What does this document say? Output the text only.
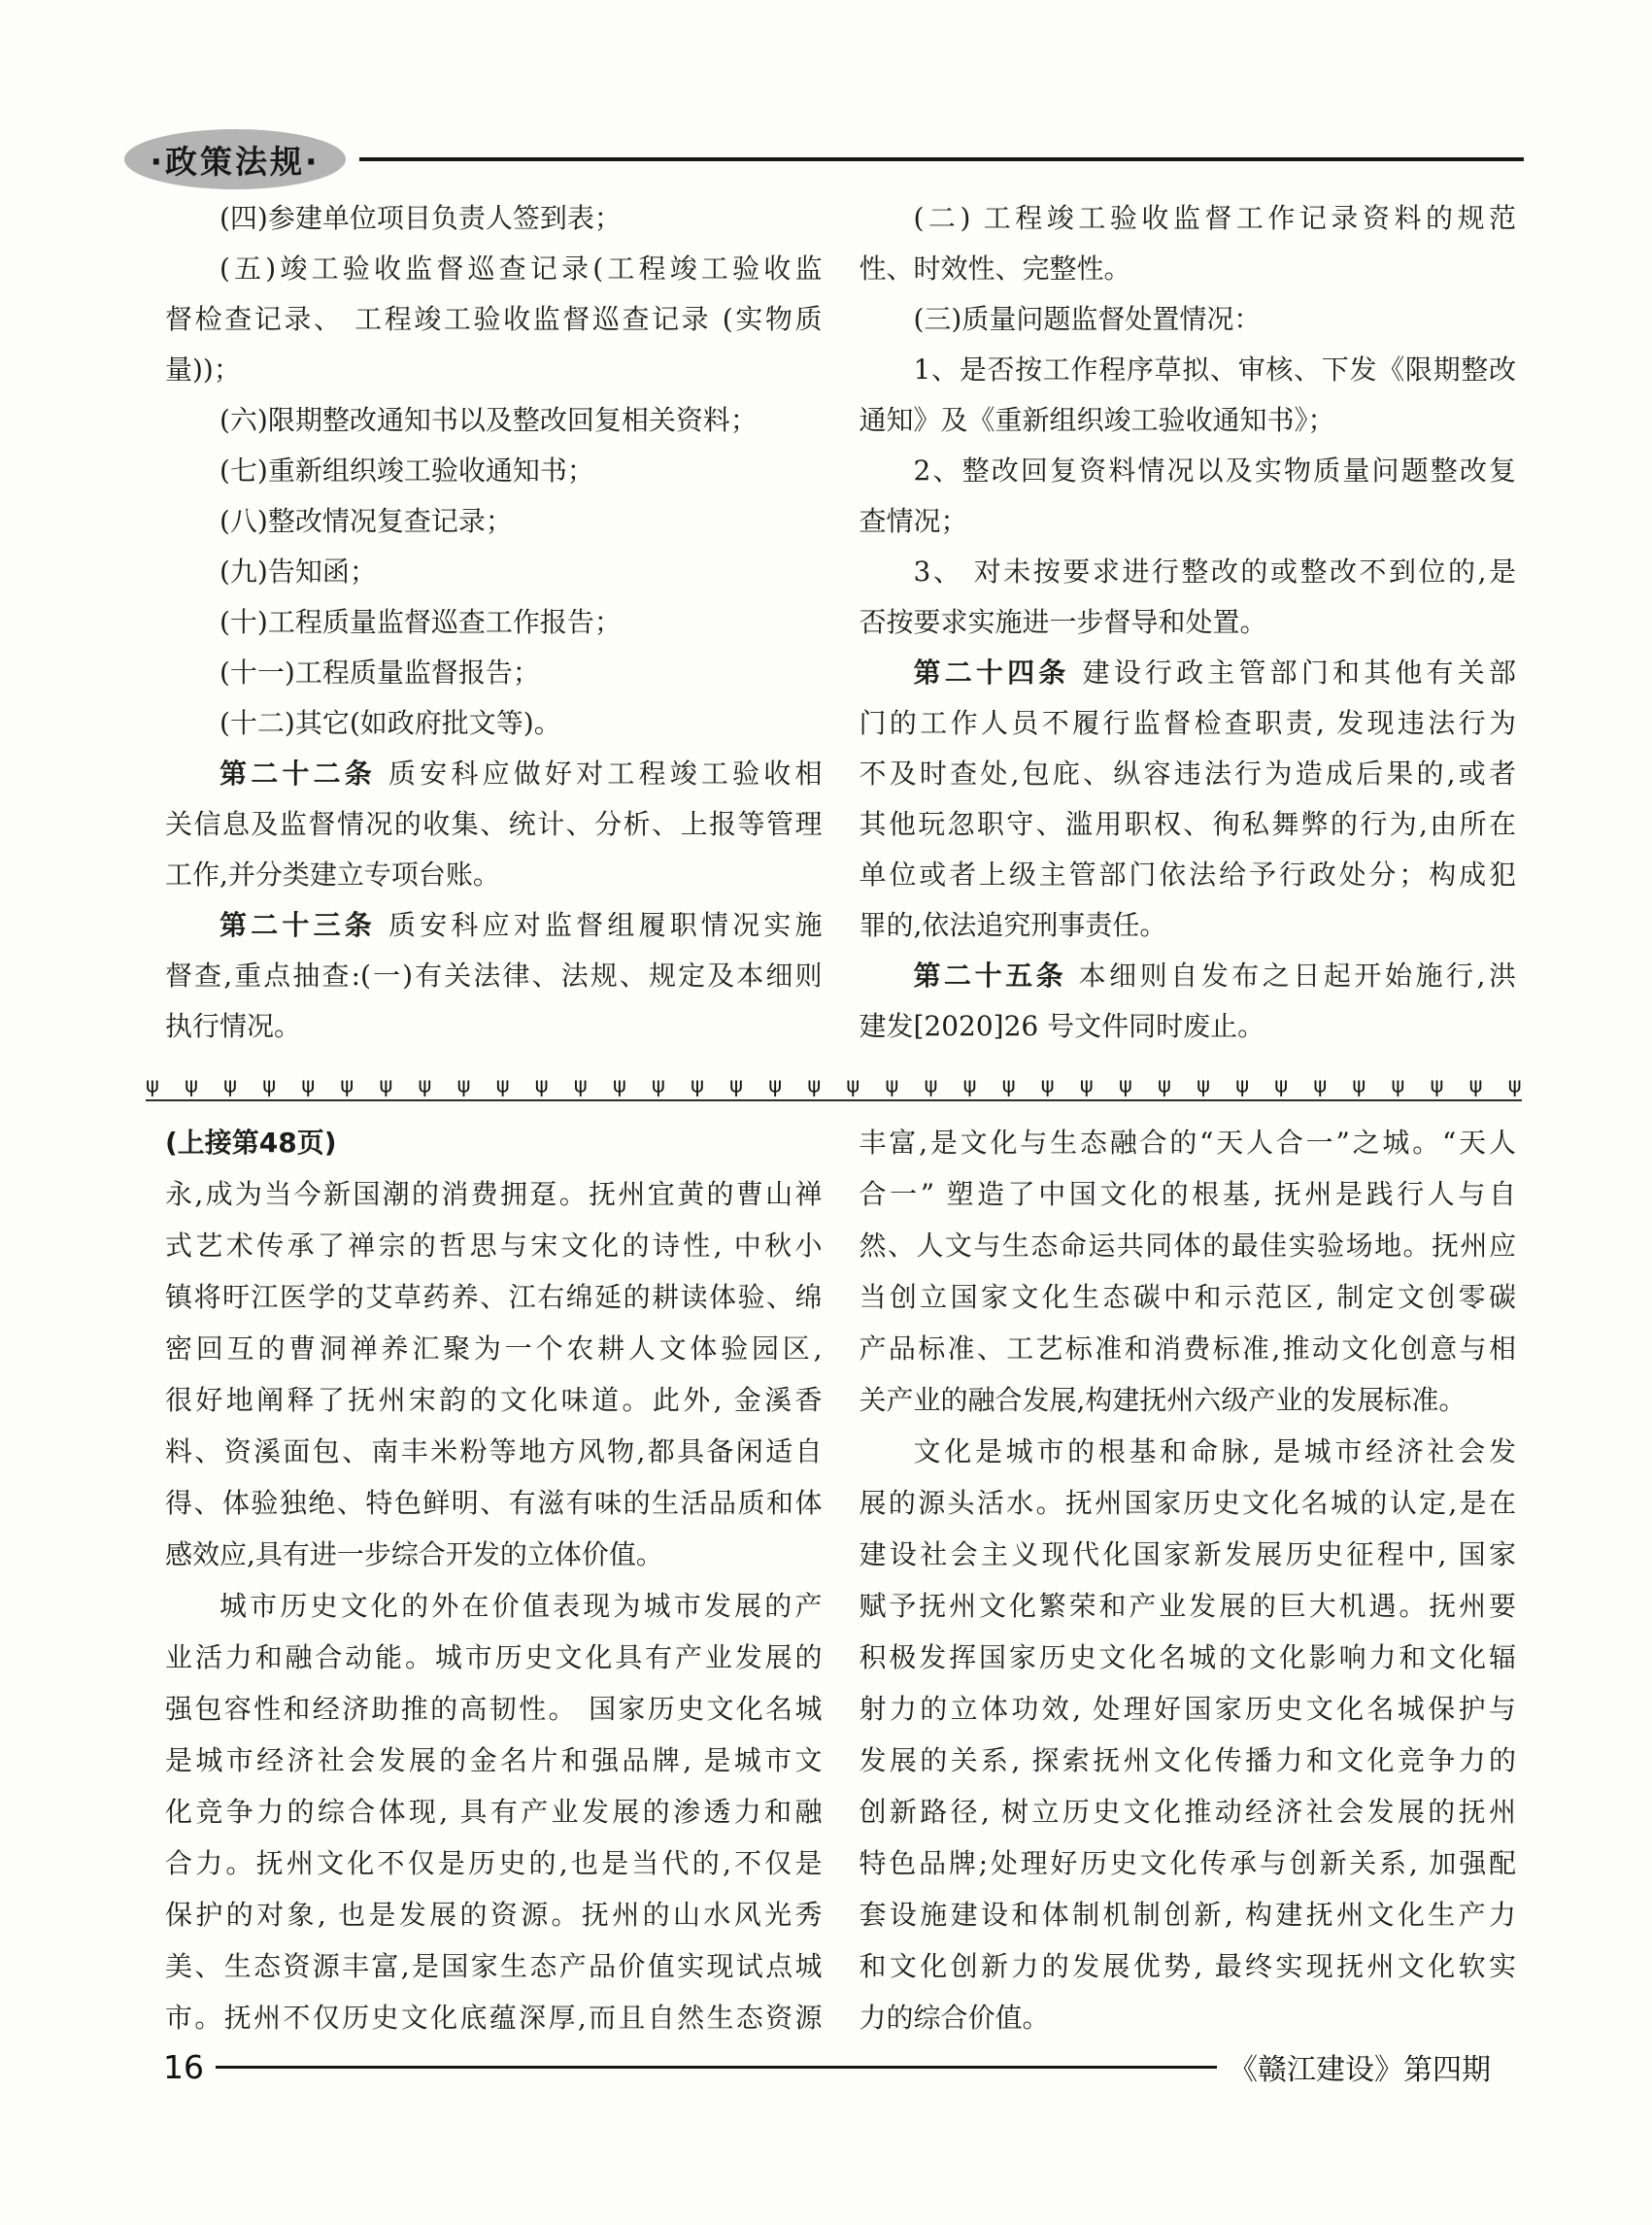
·政策法规·
(四)参建单位项目负责人签到表；
(五)竣工验收监督巡查记录(工程竣工验收监
督检查记录、 工程竣工验收监督巡查记录 (实物质
量))；
(六)限期整改通知书以及整改回复相关资料；
(七)重新组织竣工验收通知书；
(八)整改情况复查记录；
(九)告知函；
(十)工程质量监督巡查工作报告；
(十一)工程质量监督报告；
(十二)其它(如政府批文等)。
第二十二条 质安科应做好对工程竣工验收相
关信息及监督情况的收集、统计、分析、上报等管理
工作,并分类建立专项台账。
第二十三条 质安科应对监督组履职情况实施
督查,重点抽查:(一)有关法律、法规、规定及本细则
执行情况。
(二) 工程竣工验收监督工作记录资料的规范
性、时效性、完整性。
(三)质量问题监督处置情况：
1、是否按工作程序草拟、审核、下发《限期整改
通知》及《重新组织竣工验收通知书》；
2、整改回复资料情况以及实物质量问题整改复
查情况；
3、 对未按要求进行整改的或整改不到位的,是
否按要求实施进一步督导和处置。
第二十四条 建设行政主管部门和其他有关部
门的工作人员不履行监督检查职责, 发现违法行为
不及时查处,包庇、纵容违法行为造成后果的,或者
其他玩忽职守、滥用职权、徇私舞弊的行为,由所在
单位或者上级主管部门依法给予行政处分；构成犯
罪的,依法追究刑事责任。
第二十五条 本细则自发布之日起开始施行,洪
建发[2020]26 号文件同时废止。
ψ ψ ψ ψ ψ ψ ψ ψ ψ ψ ψ ψ ψ ψ ψ ψ ψ ψ ψ ψ ψ ψ ψ ψ ψ ψ ψ ψ ψ ψ ψ ψ ψ ψ ψ ψ
(上接第48页)
永,成为当今新国潮的消费拥趸。抚州宜黄的曹山禅
式艺术传承了禅宗的哲思与宋文化的诗性, 中秋小
镇将旴江医学的艾草药养、江右绵延的耕读体验、绵
密回互的曹洞禅养汇聚为一个农耕人文体验园区,
很好地阐释了抚州宋韵的文化味道。此外, 金溪香
料、资溪面包、南丰米粉等地方风物,都具备闲适自
得、体验独绝、特色鲜明、有滋有味的生活品质和体
感效应,具有进一步综合开发的立体价值。
城市历史文化的外在价值表现为城市发展的产
业活力和融合动能。城市历史文化具有产业发展的
强包容性和经济助推的高韧性。 国家历史文化名城
是城市经济社会发展的金名片和强品牌, 是城市文
化竞争力的综合体现, 具有产业发展的渗透力和融
合力。抚州文化不仅是历史的,也是当代的,不仅是
保护的对象, 也是发展的资源。抚州的山水风光秀
美、生态资源丰富,是国家生态产品价值实现试点城
市。抚州不仅历史文化底蕴深厚,而且自然生态资源
丰富,是文化与生态融合的“天人合一”之城。“天人
合一” 塑造了中国文化的根基, 抚州是践行人与自
然、人文与生态命运共同体的最佳实验场地。抚州应
当创立国家文化生态碳中和示范区, 制定文创零碳
产品标准、工艺标准和消费标准,推动文化创意与相
关产业的融合发展,构建抚州六级产业的发展标准。
文化是城市的根基和命脉, 是城市经济社会发
展的源头活水。抚州国家历史文化名城的认定,是在
建设社会主义现代化国家新发展历史征程中, 国家
赋予抚州文化繁荣和产业发展的巨大机遇。抚州要
积极发挥国家历史文化名城的文化影响力和文化辐
射力的立体功效, 处理好国家历史文化名城保护与
发展的关系, 探索抚州文化传播力和文化竞争力的
创新路径, 树立历史文化推动经济社会发展的抚州
特色品牌;处理好历史文化传承与创新关系, 加强配
套设施建设和体制机制创新, 构建抚州文化生产力
和文化创新力的发展优势, 最终实现抚州文化软实
力的综合价值。
16	《赣江建设》第四期
